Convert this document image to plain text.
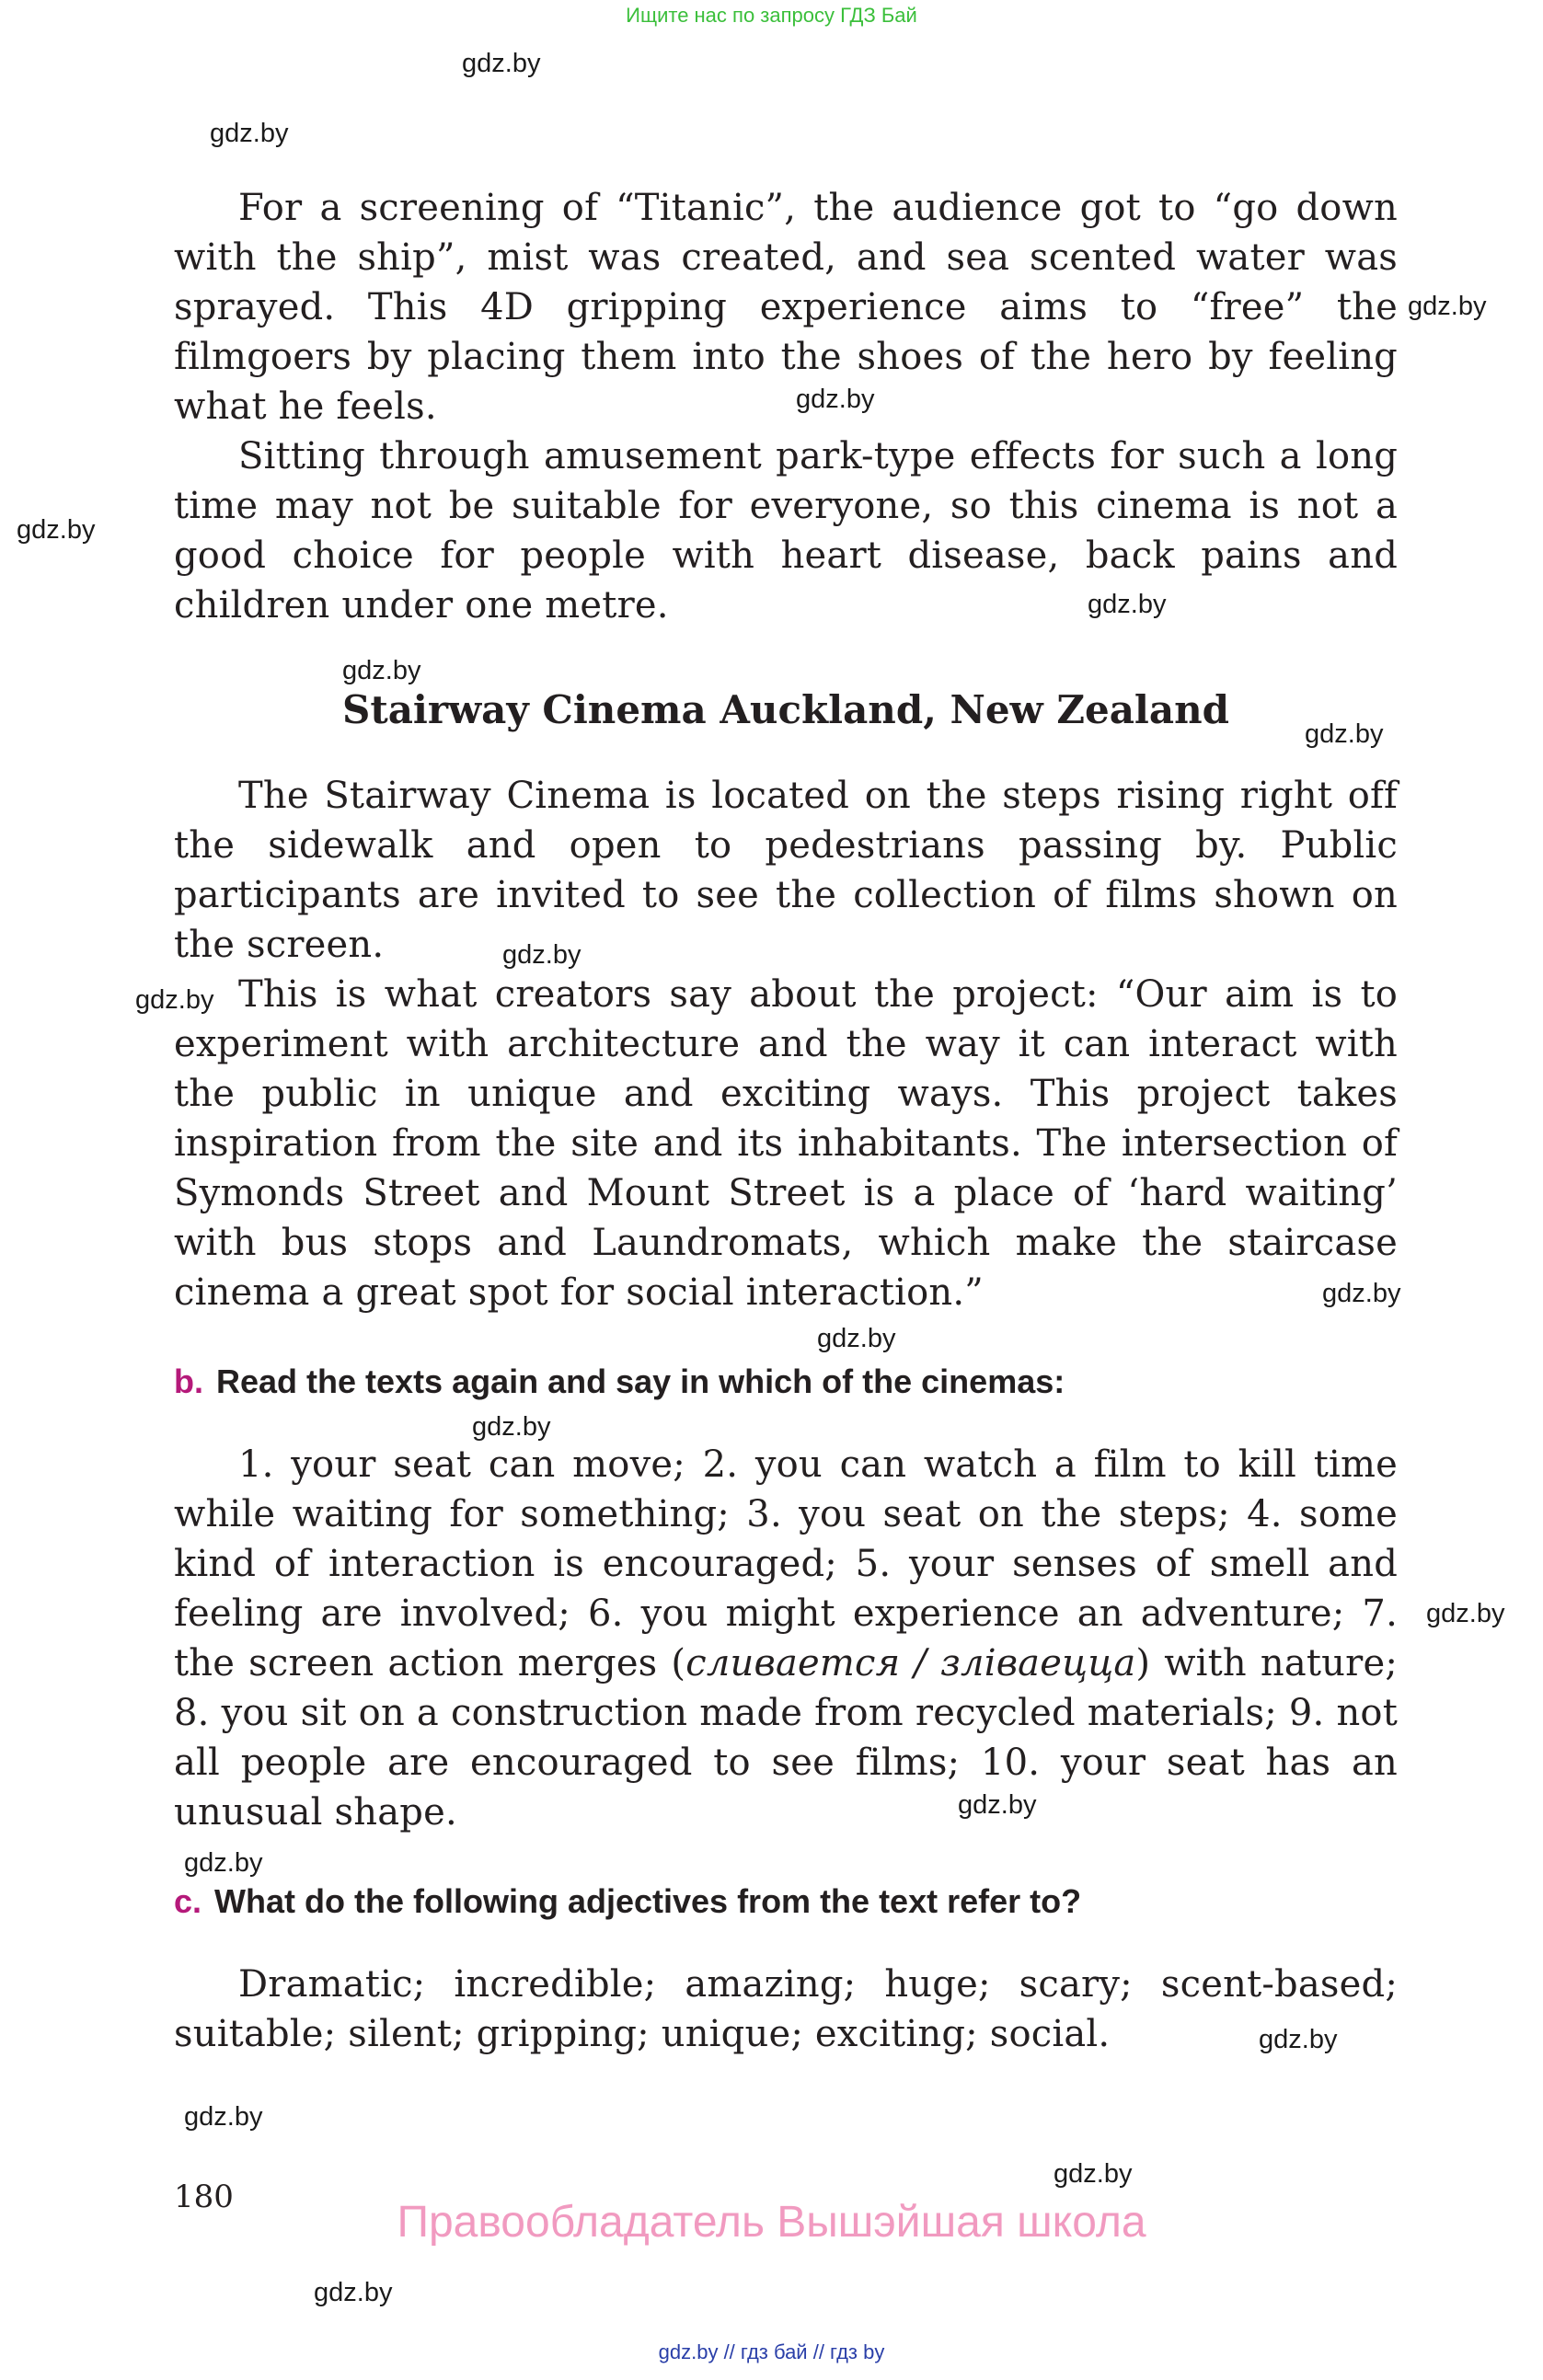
Ищите нас по запросу ГДЗ Бай
gdz.by
gdz.by
gdz.by
gdz.by
gdz.by
gdz.by
gdz.by
gdz.by
gdz.by
gdz.by
gdz.by
gdz.by
gdz.by
gdz.by
gdz.by
gdz.by
gdz.by
gdz.by
gdz.by
gdz.by

For a screening of “Titanic”, the audience got to “go down with the ship”, mist was created, and sea scented water was sprayed. This 4D gripping experience aims to “free” the filmgoers by placing them into the shoes of the hero by feeling what he feels.

Sitting through amusement park-type effects for such a long time may not be suitable for everyone, so this cinema is not a good choice for people with heart disease, back pains and children under one metre.

Stairway Cinema Auckland, New Zealand

The Stairway Cinema is located on the steps rising right off the sidewalk and open to pedestrians passing by. Public participants are invited to see the collection of films shown on the screen.

This is what creators say about the project: “Our aim is to experiment with architecture and the way it can interact with the public in unique and exciting ways. This project takes inspiration from the site and its inhabitants. The intersection of Symonds Street and Mount Street is a place of ‘hard waiting’ with bus stops and Laundromats, which make the staircase cinema a great spot for social interaction.”

b. Read the texts again and say in which of the cinemas:

1. your seat can move; 2. you can watch a film to kill time while waiting for something; 3. you seat on the steps; 4. some kind of interaction is encouraged; 5. your senses of smell and feeling are involved; 6. you might experience an adventure; 7. the screen action merges (сливается / зліваецца) with nature; 8. you sit on a construction made from recycled materials; 9. not all people are encouraged to see films; 10. your seat has an unusual shape.

c. What do the following adjectives from the text refer to?

Dramatic; incredible; amazing; huge; scary; scent-based; suitable; silent; gripping; unique; exciting; social.

180
Правообладатель Вышэйшая школа
gdz.by // гдз бай // гдз by
